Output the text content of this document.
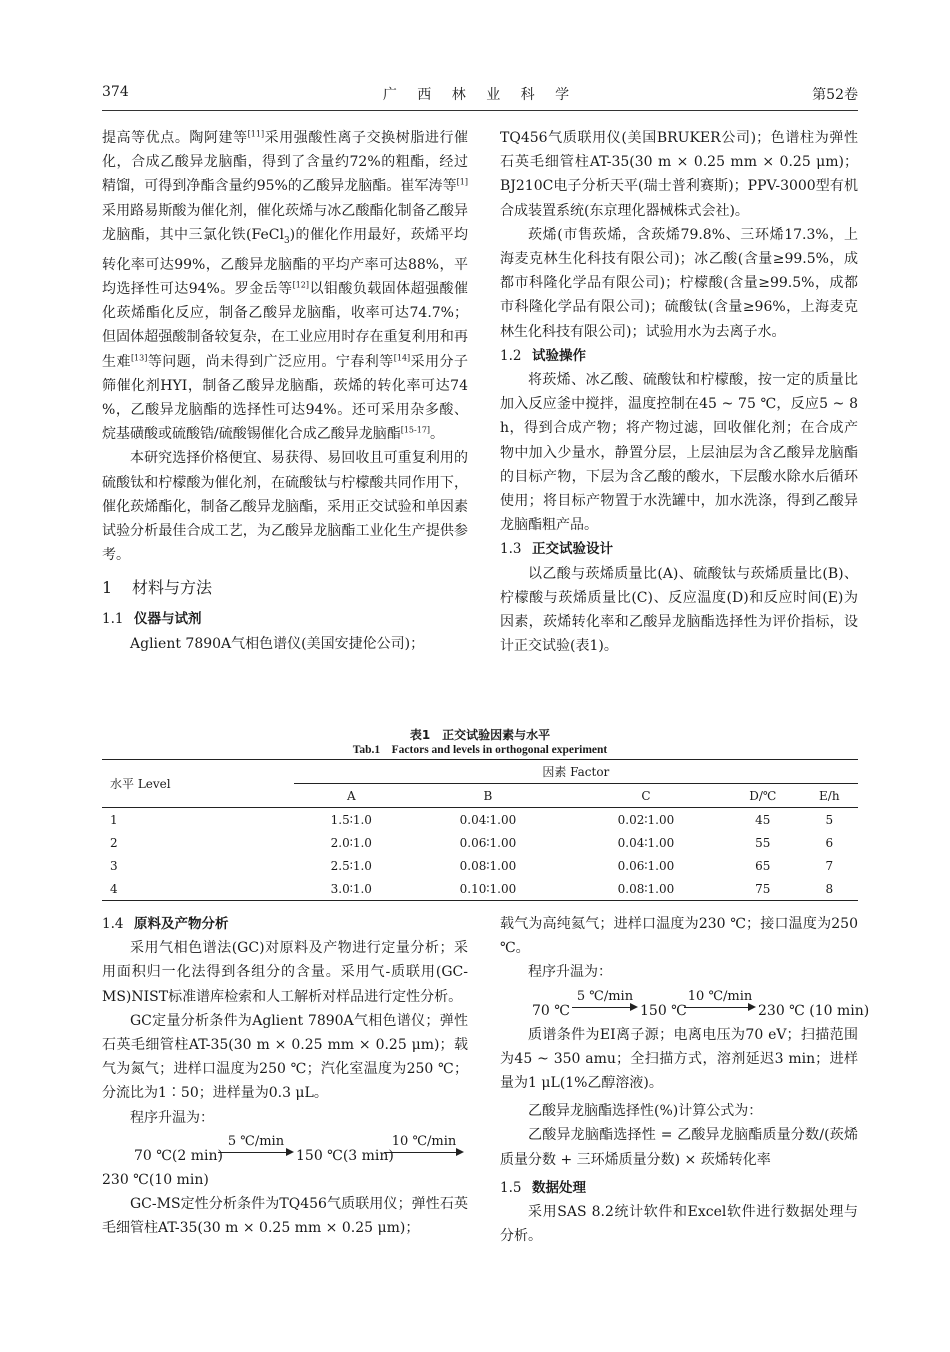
374	广 西 林 业 科 学	第52卷

提高等优点。陶阿建等[11]采用强酸性离子交换树脂进行催化，合成乙酸异龙脑酯，得到了含量约72%的粗酯，经过精馏，可得到净酯含量约95%的乙酸异龙脑酯。崔军涛等[1]采用路易斯酸为催化剂，催化莰烯与冰乙酸酯化制备乙酸异龙脑酯，其中三氯化铁(FeCl$_3$)的催化作用最好，莰烯平均转化率可达99%，乙酸异龙脑酯的平均产率可达88%，平均选择性可达94%。罗金岳等[12]以钼酸负载固体超强酸催化莰烯酯化反应，制备乙酸异龙脑酯，收率可达74.7%；但固体超强酸制备较复杂，在工业应用时存在重复利用和再生难[13]等问题，尚未得到广泛应用。宁春利等[14]采用分子筛催化剂HYI，制备乙酸异龙脑酯，莰烯的转化率可达74 %，乙酸异龙脑酯的选择性可达94%。还可采用杂多酸、烷基磺酸或硫酸锆/硫酸锡催化合成乙酸异龙脑酯[15-17]。

本研究选择价格便宜、易获得、易回收且可重复利用的硫酸钛和柠檬酸为催化剂，在硫酸钛与柠檬酸共同作用下，催化莰烯酯化，制备乙酸异龙脑酯，采用正交试验和单因素试验分析最佳合成工艺，为乙酸异龙脑酯工业化生产提供参考。

1 材料与方法
1.1 仪器与试剂

Aglient 7890A气相色谱仪(美国安捷伦公司)；

TQ456气质联用仪(美国BRUKER公司)；色谱柱为弹性石英毛细管柱AT-35(30 m × 0.25 mm × 0.25 μm)；BJ210C电子分析天平(瑞士普利赛斯)；PPV-3000型有机合成装置系统(东京理化器械株式会社)。

莰烯(市售莰烯，含莰烯79.8%、三环烯17.3%，上海麦克林生化科技有限公司)；冰乙酸(含量≥99.5%，成都市科隆化学品有限公司)；柠檬酸(含量≥99.5%，成都市科隆化学品有限公司)；硫酸钛(含量≥96%，上海麦克林生化科技有限公司)；试验用水为去离子水。

1.2 试验操作

将莰烯、冰乙酸、硫酸钛和柠檬酸，按一定的质量比加入反应釜中搅拌，温度控制在45 ~ 75 ℃，反应5 ~ 8 h，得到合成产物；将产物过滤，回收催化剂；在合成产物中加入少量水，静置分层，上层油层为含乙酸异龙脑酯的目标产物，下层为含乙酸的酸水，下层酸水除水后循环使用；将目标产物置于水洗罐中，加水洗涤，得到乙酸异龙脑酯粗产品。

1.3 正交试验设计

以乙酸与莰烯质量比(A)、硫酸钛与莰烯质量比(B)、柠檬酸与莰烯质量比(C)、反应温度(D)和反应时间(E)为因素，莰烯转化率和乙酸异龙脑酯选择性为评价指标，设计正交试验(表1)。

表1　正交试验因素与水平
Tab.1　Factors and levels in orthogonal experiment
水平 Level	因素 Factor				
	A	B	C	D/℃	E/h
1	1.5∶1.0	0.04∶1.00	0.02∶1.00	45	5
2	2.0∶1.0	0.06∶1.00	0.04∶1.00	55	6
3	2.5∶1.0	0.08∶1.00	0.06∶1.00	65	7
4	3.0∶1.0	0.10∶1.00	0.08∶1.00	75	8
1.4 原料及产物分析

采用气相色谱法(GC)对原料及产物进行定量分析；采用面积归一化法得到各组分的含量。采用气-质联用(GC-MS)NIST标准谱库检索和人工解析对样品进行定性分析。

GC定量分析条件为Aglient 7890A气相色谱仪；弹性石英毛细管柱AT-35(30 m × 0.25 mm × 0.25 μm)；载气为氮气；进样口温度为250 ℃；汽化室温度为250 ℃；分流比为1∶50；进样量为0.3 μL。

程序升温为：

70 ℃(2 min)
5 ℃/min
150 ℃(3 min)
10 ℃/min

230 ℃(10 min)

GC-MS定性分析条件为TQ456气质联用仪；弹性石英毛细管柱AT-35(30 m × 0.25 mm × 0.25 μm)；

载气为高纯氦气；进样口温度为230 ℃；接口温度为250 ℃。

程序升温为：

70 ℃
5 ℃/min
150 ℃
10 ℃/min
230 ℃ (10 min)

质谱条件为EI离子源；电离电压为70 eV；扫描范围为45 ~ 350 amu；全扫描方式，溶剂延迟3 min；进样量为1 μL(1%乙醇溶液)。

乙酸异龙脑酯选择性(%)计算公式为：

乙酸异龙脑酯选择性 = 乙酸异龙脑酯质量分数/(莰烯质量分数 + 三环烯质量分数) × 莰烯转化率

1.5 数据处理

采用SAS 8.2统计软件和Excel软件进行数据处理与分析。
